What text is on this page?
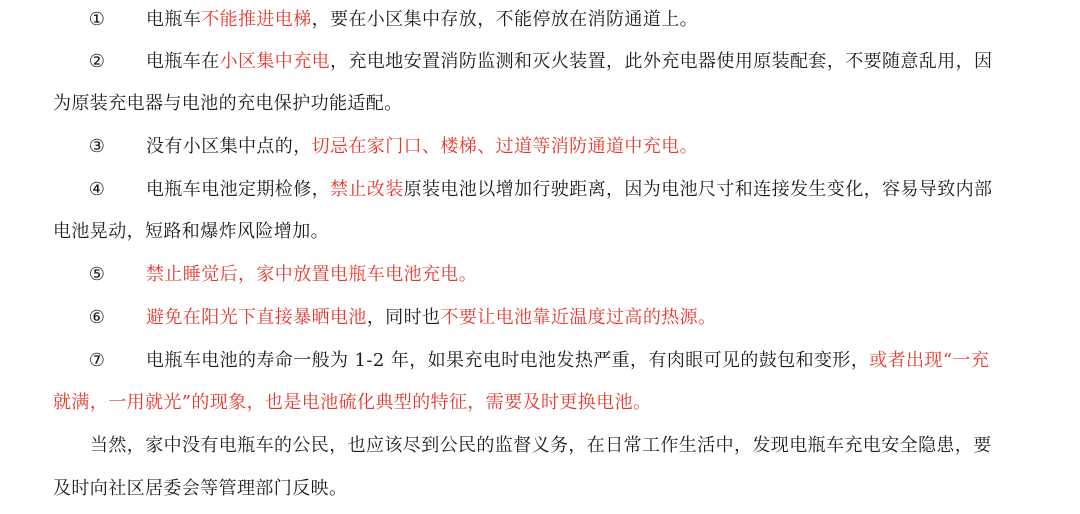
① 电瓶车不能推进电梯，要在小区集中存放，不能停放在消防通道上。
② 电瓶车在小区集中充电，充电地安置消防监测和灭火装置，此外充电器使用原装配套，不要随意乱用，因
为原装充电器与电池的充电保护功能适配。
③ 没有小区集中点的，切忌在家门口、楼梯、过道等消防通道中充电。
④ 电瓶车电池定期检修，禁止改装原装电池以增加行驶距离，因为电池尺寸和连接发生变化，容易导致内部
电池晃动，短路和爆炸风险增加。
⑤ 禁止睡觉后，家中放置电瓶车电池充电。
⑥ 避免在阳光下直接暴晒电池，同时也不要让电池靠近温度过高的热源。
⑦ 电瓶车电池的寿命一般为 1-2 年，如果充电时电池发热严重，有肉眼可见的鼓包和变形，或者出现“一充
就满，一用就光”的现象，也是电池硫化典型的特征，需要及时更换电池。
当然，家中没有电瓶车的公民，也应该尽到公民的监督义务，在日常工作生活中，发现电瓶车充电安全隐患，要
及时向社区居委会等管理部门反映。
